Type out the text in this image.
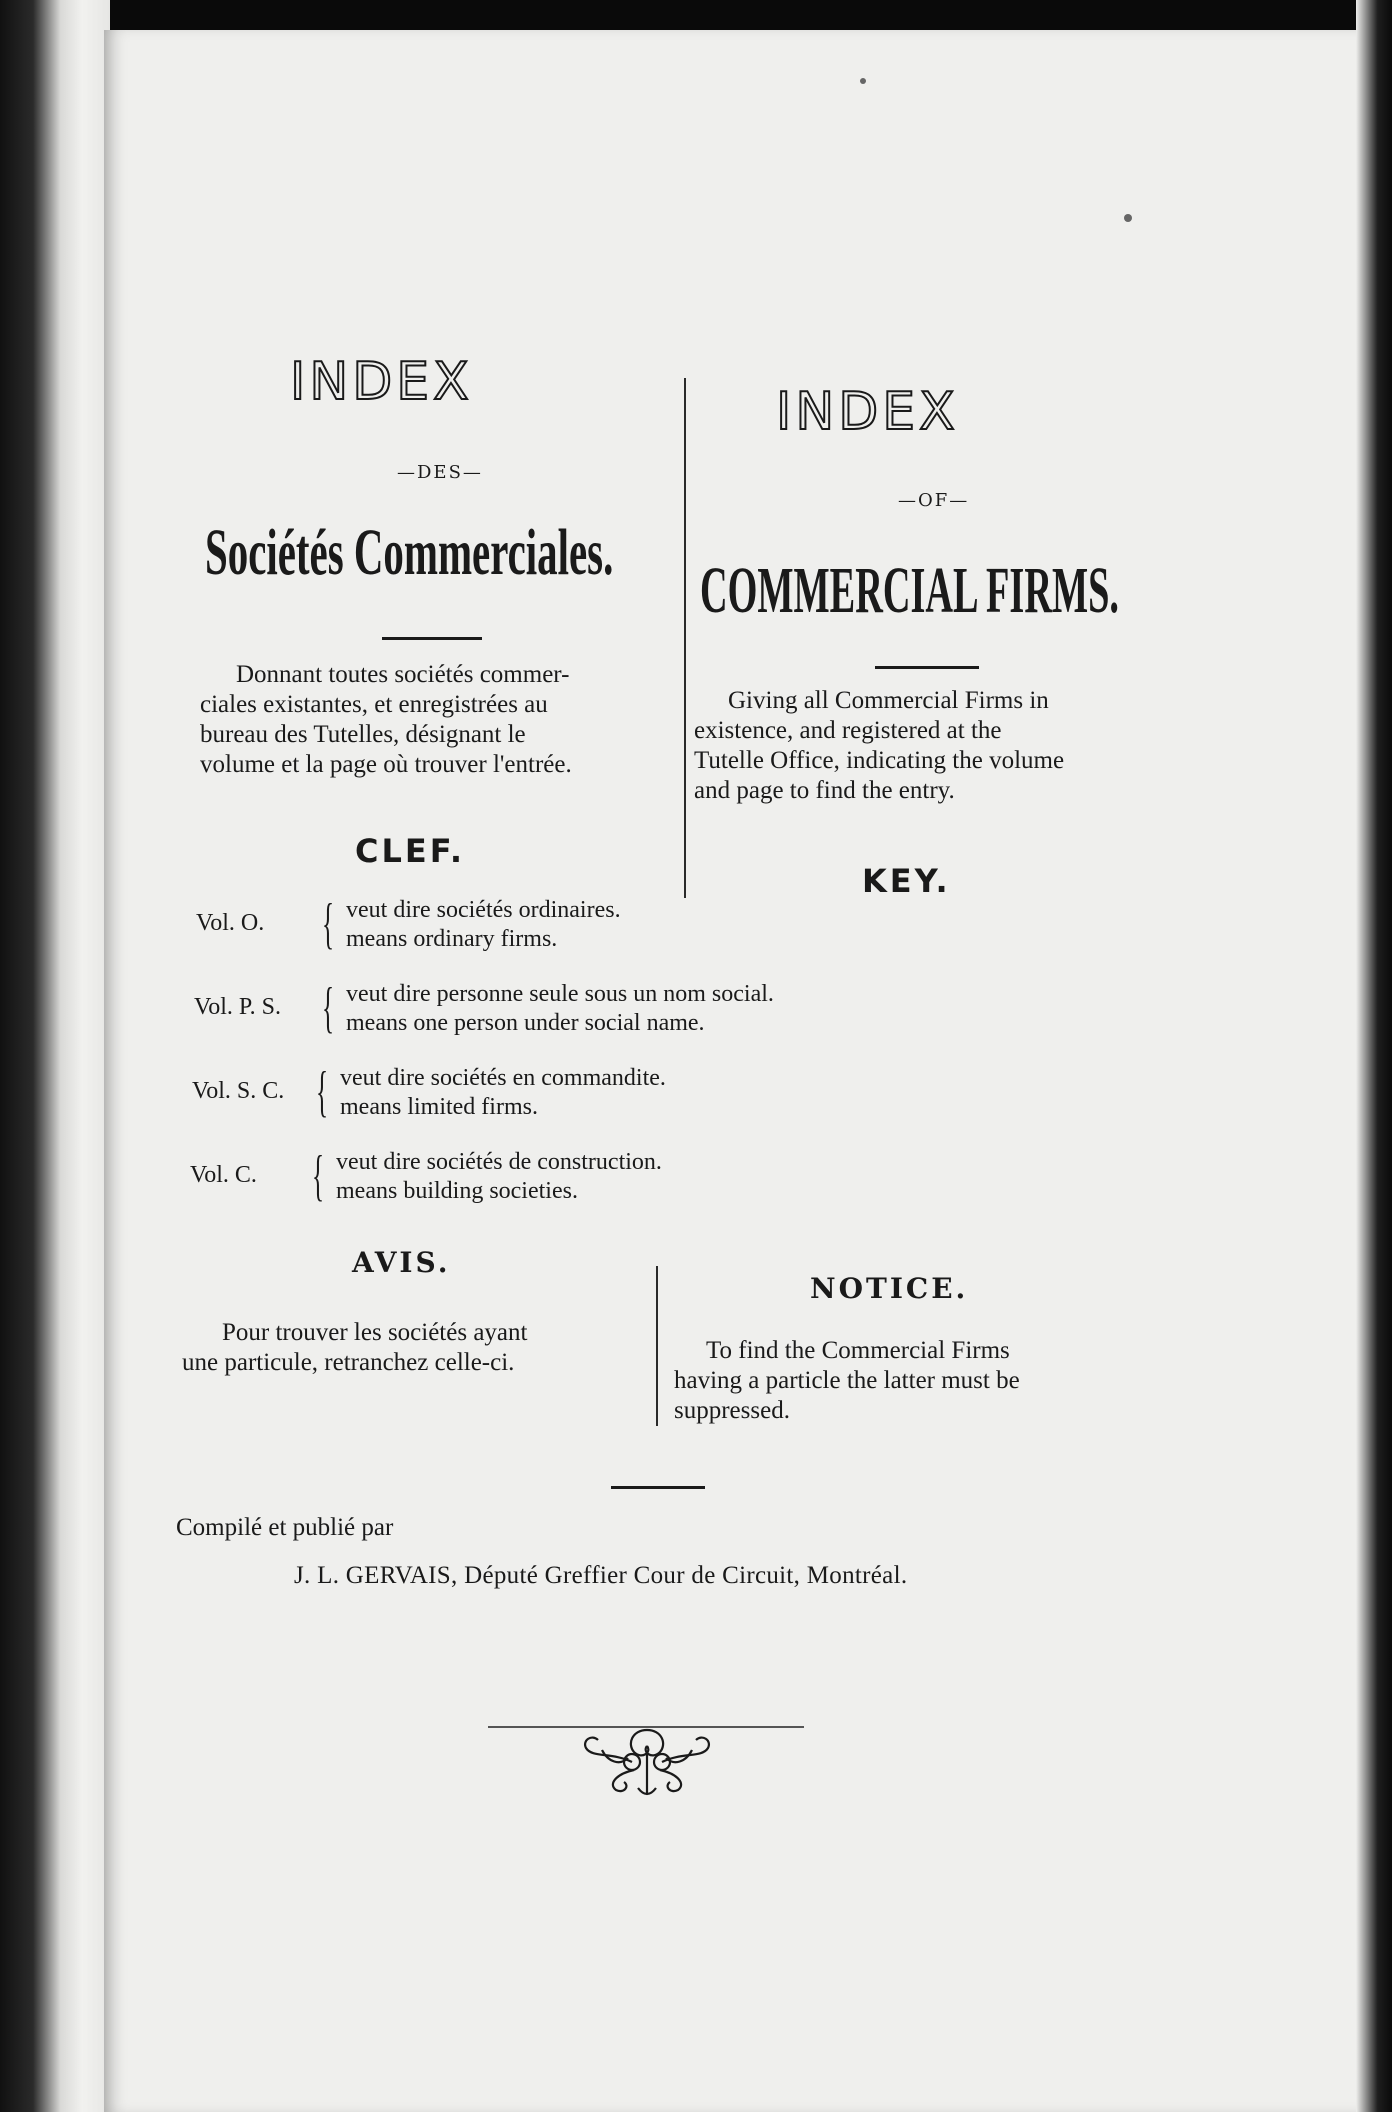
INDEX
—DES—
Sociétés Commerciales.
Donnant toutes sociétés commer-
ciales existantes, et enregistrées au
bureau des Tutelles, désignant le
volume et la page où trouver l'entrée.
CLEF.
INDEX
—OF—
COMMERCIAL FIRMS.
Giving all Commercial Firms in
existence, and registered at the
Tutelle Office, indicating the volume
and page to find the entry.
KEY.
Vol. O. { veut dire sociétés ordinaires.
means ordinary firms.
Vol. P. S. { veut dire personne seule sous un nom social.
means one person under social name.
Vol. S. C. { veut dire sociétés en commandite.
means limited firms.
Vol. C. { veut dire sociétés de construction.
means building societies.
AVIS.
Pour trouver les sociétés ayant
une particule, retranchez celle-ci.
NOTICE.
To find the Commercial Firms
having a particle the latter must be
suppressed.
Compilé et publié par
J. L. GERVAIS, Député Greffier Cour de Circuit, Montréal.
